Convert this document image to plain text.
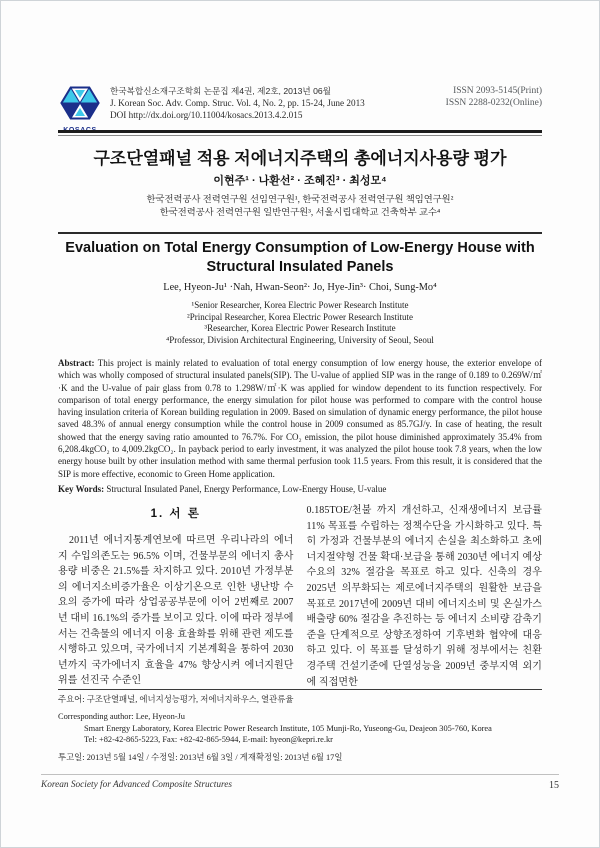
KOSACS
한국복합신소재구조학회 논문집 제4권, 제2호, 2013년 06월
J. Korean Soc. Adv. Comp. Struc. Vol. 4, No. 2, pp. 15-24, June 2013
DOI http://dx.doi.org/10.11004/kosacs.2013.4.2.015
ISSN 2093-5145(Print)
ISSN 2288-0232(Online)
구조단열패널 적용 저에너지주택의 총에너지사용량 평가
이현주¹ · 나환선² · 조혜진³ · 최성모⁴
한국전력공사 전력연구원 선임연구원¹, 한국전력공사 전력연구원 책임연구원²
한국전력공사 전력연구원 일반연구원³, 서울시립대학교 건축학부 교수⁴
Evaluation on Total Energy Consumption of Low-Energy House with
Structural Insulated Panels
Lee, Hyeon-Ju¹ ·Nah, Hwan-Seon²· Jo, Hye-Jin³· Choi, Sung-Mo⁴
¹Senior Researcher, Korea Electric Power Research Institute
²Principal Researcher, Korea Electric Power Research Institute
³Researcher, Korea Electric Power Research Institute
⁴Professor, Division Architectural Engineering, University of Seoul, Seoul
Abstract: This project is mainly related to evaluation of total energy consumption of low energy house, the exterior envelope of which was wholly composed of structural insulated panels(SIP). The U-value of applied SIP was in the range of 0.189 to 0.269W/㎡·K and the U-value of pair glass from 0.78 to 1.298W/㎡·K was applied for window dependent to its function respectively. For comparison of total energy performance, the energy simulation for pilot house was performed to compare with the control house having insulation criteria of Korean building regulation in 2009. Based on simulation of dynamic energy performance, the pilot house saved 48.3% of annual energy consumption while the control house in 2009 consumed as 85.7GJ/y. In case of heating, the result showed that the energy saving ratio amounted to 76.7%. For CO₂ emission, the pilot house diminished approximately 35.4% from 6,208.4kgCO₂ to 4,009.2kgCO₂. In payback period to early investment, it was analyzed the pilot house took 7.8 years, when the low energy house built by other insulation method with same thermal perfusion took 11.5 years. From this result, it is considered that the SIP is more effective, economic to Green Home application.
Key Words: Structural Insulated Panel, Energy Performance, Low-Energy House, U-value
1. 서 론
2011년 에너지통계연보에 따르면 우리나라의 에너지 수입의존도는 96.5% 이며, 건물부문의 에너지 총사용량 비중은 21.5%를 차지하고 있다. 2010년 가정부분의 에너지소비증가율은 이상기온으로 인한 냉난방 수요의 증가에 따라 상업공공부문에 이어 2번째로 2007년 대비 16.1%의 증가를 보이고 있다. 이에 따라 정부에서는 건축물의 에너지 이용 효율화를 위해 관련 제도를 시행하고 있으며, 국가에너지 기본계획을 통하여 2030년까지 국가에너지 효율을 47% 향상시켜 에너지원단위를 선진국 수준인
0.185TOE/천불 까지 개선하고, 신재생에너지 보급률 11% 목표를 수립하는 정책수단을 가시화하고 있다. 특히 가정과 건물부분의 에너지 손실을 최소화하고 초에너지절약형 건물 확대·보급을 통해 2030년 에너지 예상수요의 32% 절감을 목표로 하고 있다. 신축의 경우 2025년 의무화되는 제로에너지주택의 원활한 보급을 목표로 2017년에 2009년 대비 에너지소비 및 온실가스 배출량 60% 절감을 추진하는 등 에너지 소비량 감축기준을 단계적으로 상향조정하여 기후변화 협약에 대응하고 있다. 이 목표를 달성하기 위해 정부에서는 친환경주택 건설기준에 단열성능을 2009년 중부지역 외기에 직접면한
주요어: 구조단열패널, 에너지성능평가, 저에너지하우스, 열관류율
Corresponding author: Lee, Hyeon-Ju
Smart Energy Laboratory, Korea Electric Power Research Institute, 105 Munji-Ro, Yuseong-Gu, Deajeon 305-760, Korea
Tel: +82-42-865-5223, Fax: +82-42-865-5944, E-mail: hyeon@kepri.re.kr
투고일: 2013년 5월 14일 / 수정일: 2013년 6월 3일 / 게재확정일: 2013년 6월 17일
Korean Society for Advanced Composite Structures	15
